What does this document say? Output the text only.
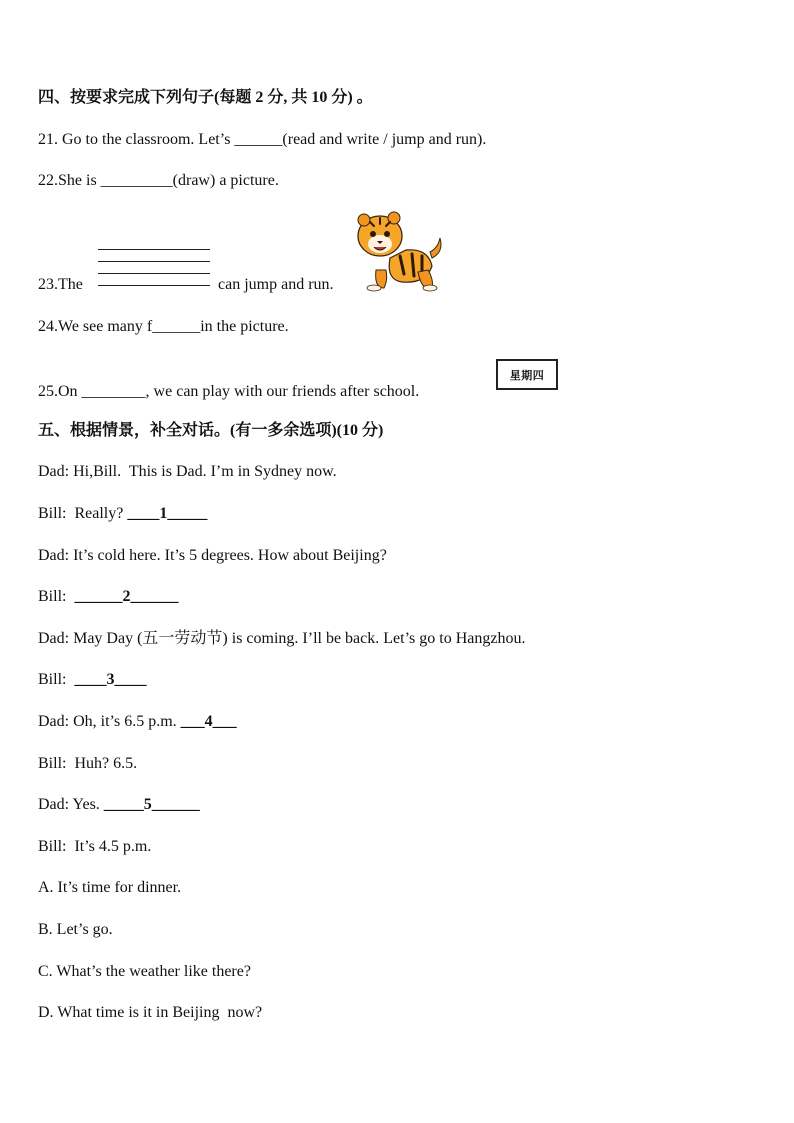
四、按要求完成下列句子(每题 2 分, 共 10 分) 。
21. Go to the classroom. Let’s ______(read and write / jump and run).
22.She is _________(draw) a picture.
23.The	can jump and run.
24.We see many f______in the picture.
25.On ________, we can play with our friends after school.
星期四
五、根据情景，补全对话。(有一多余选项)(10 分)
Dad: Hi,Bill.  This is Dad. I’m in Sydney now.
Bill:  Really? ____1_____
Dad: It’s cold here. It’s 5 degrees. How about Beijing?
Bill:  ______2______
Dad: May Day (五一劳动节) is coming. I’ll be back. Let’s go to Hangzhou.
Bill:  ____3____
Dad: Oh, it’s 6.5 p.m. ___4___
Bill:  Huh? 6.5.
Dad: Yes. _____5______
Bill:  It’s 4.5 p.m.
A. It’s time for dinner.
B. Let’s go.
C. What’s the weather like there?
D. What time is it in Beijing  now?
